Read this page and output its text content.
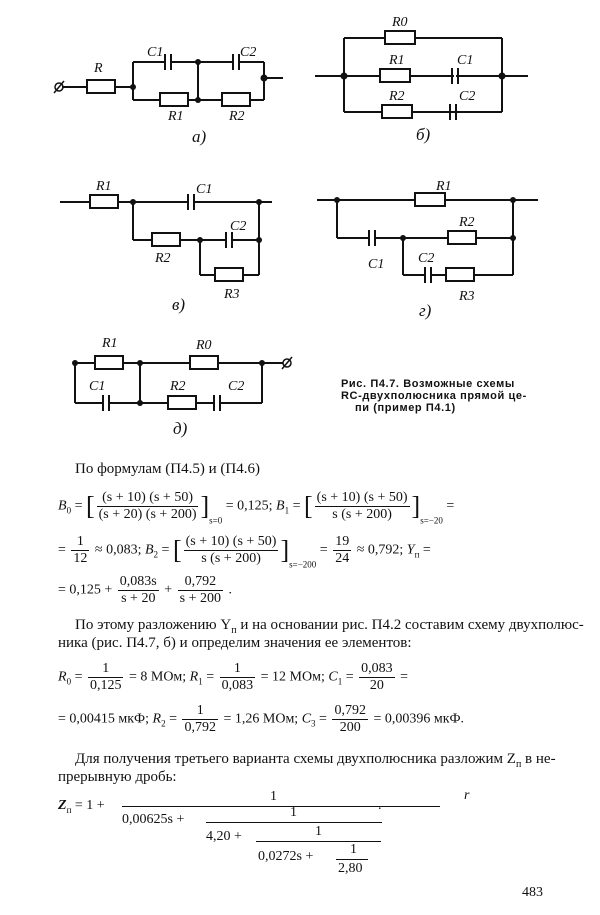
R
C1	C2
R1	R2
а)
R0
R1	C1
R2	C2
б)
R1	C1
R2
C2
R3
в)
R1
R2
C1 C2
R3
г)
R1	R0
C1	R2	C2
д)
Рис. П4.7. Возможные схемы
RC-двухполюсника прямой це-
пи (пример П4.1)
По формулам (П4.5) и (П4.6)
$B_0$ = [ $\frac{(s + 10) (s + 50)}{(s + 20) (s + 200)} ]_{s=0} = 0,125$; $B_1$ = [ $\frac{(s + 10) (s + 50)}{s (s + 200)} ]_{s=-20}$ =
= $\frac{1}{12} \approx 0,083$; $B_2$ = [ $\frac{(s + 10) (s + 50)}{s (s + 200)} ]_{s=-200} = \frac{19}{24} \approx 0,792$; $Y_п$ =
= $0,125 + \frac{0,083s}{s + 20} + \frac{0,792}{s + 200}$ .
По этому разложению $Y_п$ и на основании рис. П4.2 составим схему двухполюс-
ника (рис. П4.7, б) и определим значения ее элементов:
$R_0 = \frac{1}{0,125} = 8$ МОм; $R_1 = \frac{1}{0,083} = 12$ МОм; $C_1 = \frac{0,083}{20}$ =
= 0,00415 мкФ; $R_2 = \frac{1}{0,792} = 1,26$ МОм; $C_3 = \frac{0,792}{200} = 0,00396$ мкФ.
Для получения третьего варианта схемы двухполюсника разложим $Z_п$ в не-
прерывную дробь:
$Z_п = 1$ +
1
0,00625s +	1
4,20 +	1
0,0272s +	1
2,80
.
r
483
